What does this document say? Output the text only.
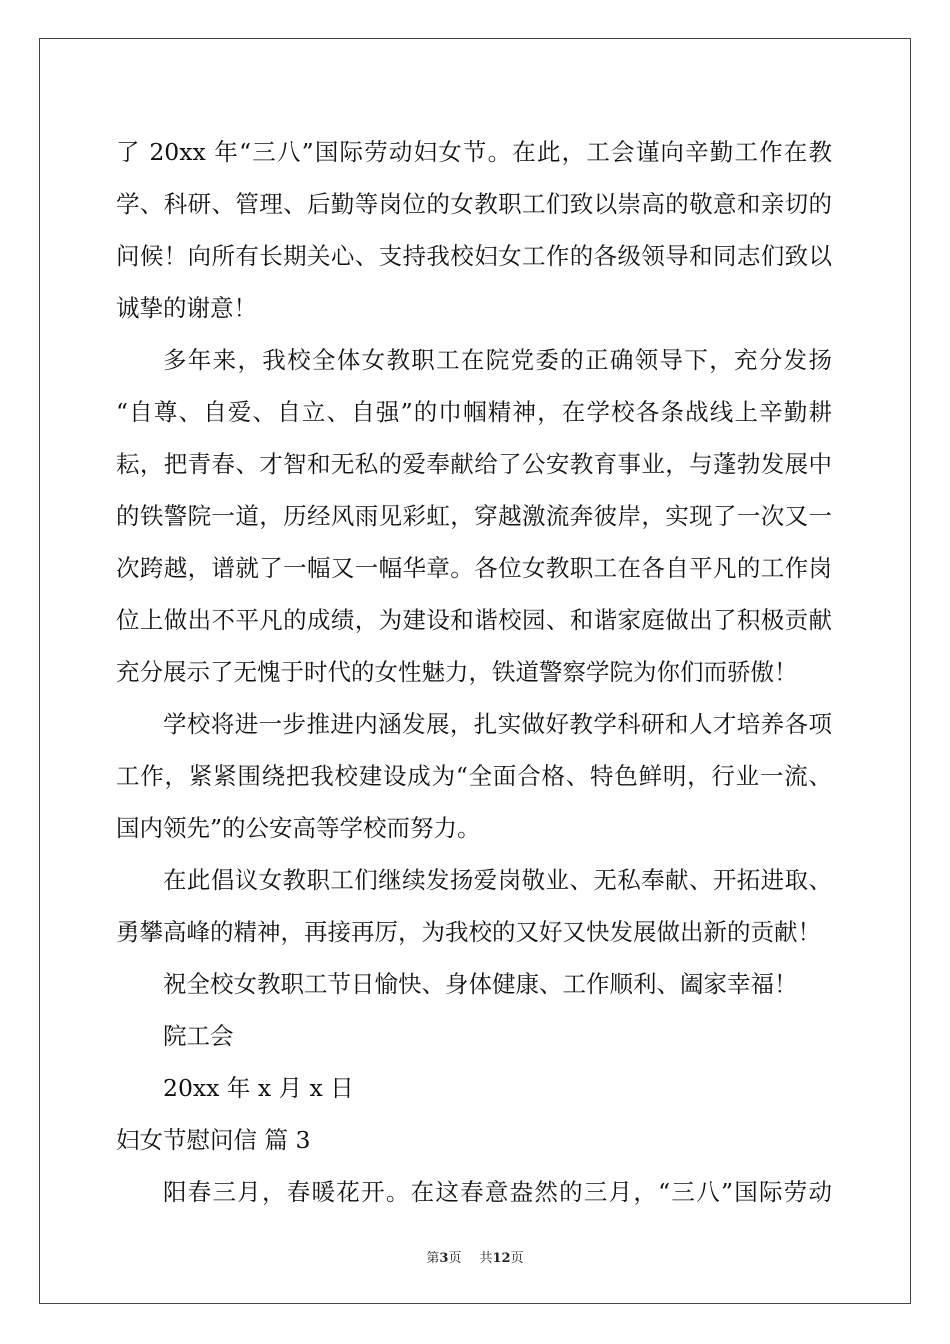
了 20xx 年“三八”国际劳动妇女节。在此，工会谨向辛勤工作在教
学、科研、管理、后勤等岗位的女教职工们致以崇高的敬意和亲切的
问候！向所有长期关心、支持我校妇女工作的各级领导和同志们致以
诚挚的谢意！
多年来，我校全体女教职工在院党委的正确领导下，充分发扬
“自尊、自爱、自立、自强”的巾帼精神，在学校各条战线上辛勤耕
耘，把青春、才智和无私的爱奉献给了公安教育事业，与蓬勃发展中
的铁警院一道，历经风雨见彩虹，穿越激流奔彼岸，实现了一次又一
次跨越，谱就了一幅又一幅华章。各位女教职工在各自平凡的工作岗
位上做出不平凡的成绩，为建设和谐校园、和谐家庭做出了积极贡献
充分展示了无愧于时代的女性魅力，铁道警察学院为你们而骄傲！
学校将进一步推进内涵发展，扎实做好教学科研和人才培养各项
工作，紧紧围绕把我校建设成为“全面合格、特色鲜明，行业一流、
国内领先”的公安高等学校而努力。
在此倡议女教职工们继续发扬爱岗敬业、无私奉献、开拓进取、
勇攀高峰的精神，再接再厉，为我校的又好又快发展做出新的贡献！
祝全校女教职工节日愉快、身体健康、工作顺利、阖家幸福！
院工会
20xx 年 x 月 x 日
妇女节慰问信 篇 3
阳春三月，春暖花开。在这春意盎然的三月，“三八”国际劳动
第3页 共12页
